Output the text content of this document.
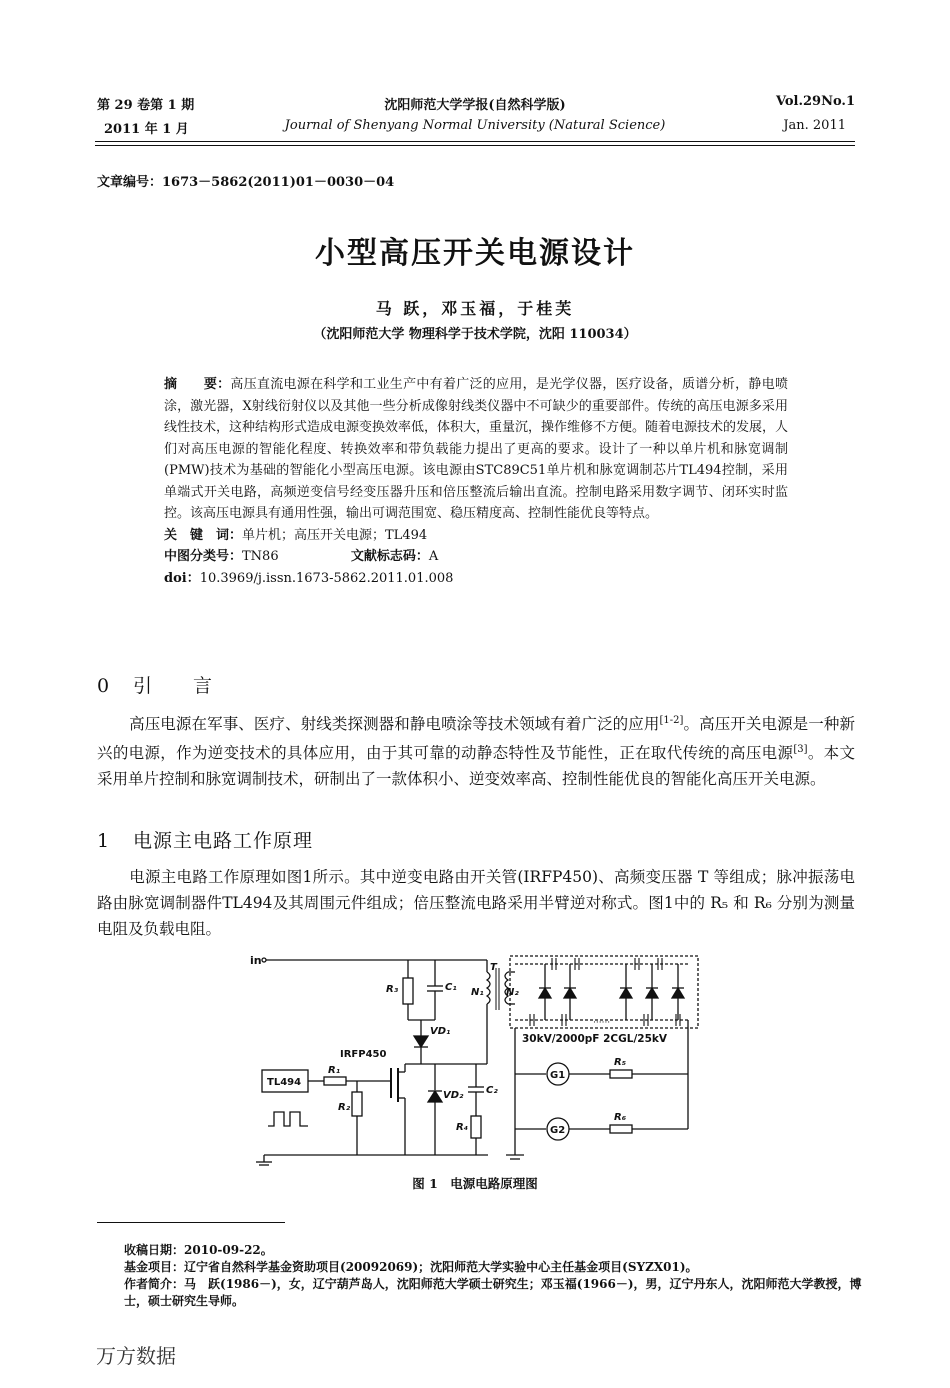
第 29 卷第 1 期
2011 年 1 月
沈阳师范大学学报(自然科学版)
Journal of Shenyang Normal University (Natural Science)
Vol.29No.1
Jan. 2011
文章编号：1673－5862(2011)01－0030－04
小型高压开关电源设计
马 跃，邓玉福，于桂芙
（沈阳师范大学 物理科学于技术学院，沈阳 110034）
摘　　要：高压直流电源在科学和工业生产中有着广泛的应用，是光学仪器，医疗设备，质谱分析，静电喷涂，激光器，X射线衍射仪以及其他一些分析成像射线类仪器中不可缺少的重要部件。传统的高压电源多采用线性技术，这种结构形式造成电源变换效率低，体积大，重量沉，操作维修不方便。随着电源技术的发展，人们对高压电源的智能化程度、转换效率和带负载能力提出了更高的要求。设计了一种以单片机和脉宽调制(PMW)技术为基础的智能化小型高压电源。该电源由STC89C51单片机和脉宽调制芯片TL494控制，采用单端式开关电路，高频逆变信号经变压器升压和倍压整流后输出直流。控制电路采用数字调节、闭环实时监控。该高压电源具有通用性强，输出可调范围宽、稳压精度高、控制性能优良等特点。
关　键　词：单片机；高压开关电源；TL494
中图分类号：TN86	文献标志码：A
doi：10.3969/j.issn.1673-5862.2011.01.008
0 引　　言
高压电源在军事、医疗、射线类探测器和静电喷涂等技术领域有着广泛的应用[1-2]。高压开关电源是一种新兴的电源，作为逆变技术的具体应用，由于其可靠的动静态特性及节能性，正在取代传统的高压电源[3]。本文采用单片控制和脉宽调制技术，研制出了一款体积小、逆变效率高、控制性能优良的智能化高压开关电源。
1 电源主电路工作原理
电源主电路工作原理如图1所示。其中逆变电路由开关管(IRFP450)、高频变压器 T 等组成；脉冲振荡电路由脉宽调制器件TL494及其周围元件组成；倍压整流电路采用半臂逆对称式。图1中的 R₅ 和 R₆ 分别为测量电阻及负载电阻。
in
R₃	C₁
VD₁
T
N₁ N₂
······
30kV/2000pF 2CGL/25kV
IRFP450
TL494
R₁
R₂
VD₂ C₂
R₄
G1
R₅
G2
R₆
图 1　电源电路原理图
收稿日期：2010-09-22。
基金项目：辽宁省自然科学基金资助项目(20092069)；沈阳师范大学实验中心主任基金项目(SYZX01)。
作者简介：马　跃(1986－)，女，辽宁葫芦岛人，沈阳师范大学硕士研究生；邓玉福(1966－)，男，辽宁丹东人，沈阳师范大学教授，博士，硕士研究生导师。
万方数据
